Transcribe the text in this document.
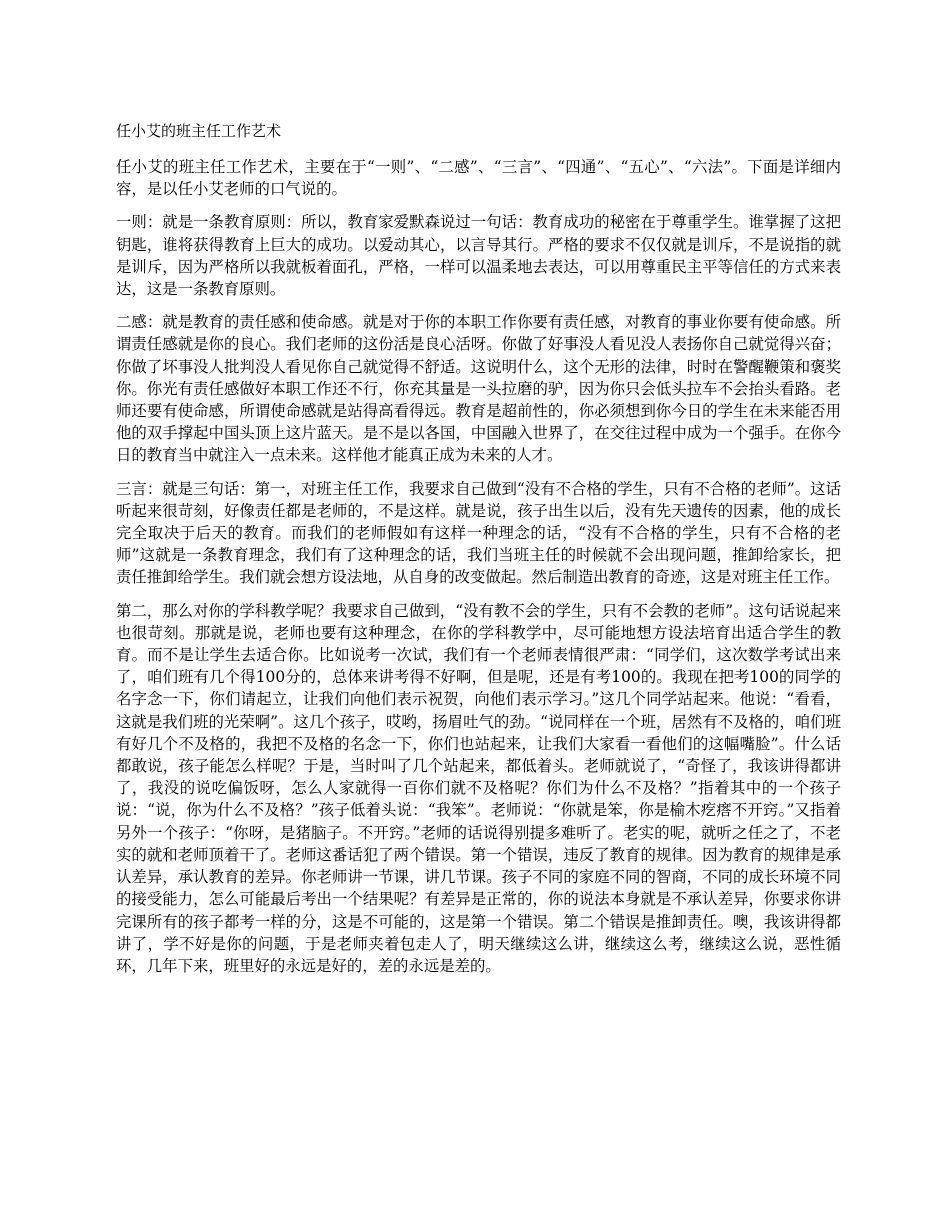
任小艾的班主任工作艺术

任小艾的班主任工作艺术，主要在于“一则”、“二感”、“三言”、“四通”、“五心”、“六法”。下面是详细内容，是以任小艾老师的口气说的。

一则：就是一条教育原则：所以，教育家爱默森说过一句话：教育成功的秘密在于尊重学生。谁掌握了这把钥匙，谁将获得教育上巨大的成功。以爱动其心，以言导其行。严格的要求不仅仅就是训斥，不是说指的就是训斥，因为严格所以我就板着面孔，严格，一样可以温柔地去表达，可以用尊重民主平等信任的方式来表达，这是一条教育原则。

二感：就是教育的责任感和使命感。就是对于你的本职工作你要有责任感，对教育的事业你要有使命感。所谓责任感就是你的良心。我们老师的这份活是良心活呀。你做了好事没人看见没人表扬你自己就觉得兴奋；你做了坏事没人批判没人看见你自己就觉得不舒适。这说明什么，这个无形的法律，时时在警醒鞭策和褒奖你。你光有责任感做好本职工作还不行，你充其量是一头拉磨的驴，因为你只会低头拉车不会抬头看路。老师还要有使命感，所谓使命感就是站得高看得远。教育是超前性的，你必须想到你今日的学生在未来能否用他的双手撑起中国头顶上这片蓝天。是不是以各国，中国融入世界了，在交往过程中成为一个强手。在你今日的教育当中就注入一点未来。这样他才能真正成为未来的人才。

三言：就是三句话：第一，对班主任工作，我要求自己做到“没有不合格的学生，只有不合格的老师”。这话听起来很苛刻，好像责任都是老师的，不是这样。就是说，孩子出生以后，没有先天遗传的因素，他的成长完全取决于后天的教育。而我们的老师假如有这样一种理念的话，“没有不合格的学生，只有不合格的老师”这就是一条教育理念，我们有了这种理念的话，我们当班主任的时候就不会出现问题，推卸给家长，把责任推卸给学生。我们就会想方设法地，从自身的改变做起。然后制造出教育的奇迹，这是对班主任工作。

第二，那么对你的学科教学呢？我要求自己做到，“没有教不会的学生，只有不会教的老师”。这句话说起来也很苛刻。那就是说，老师也要有这种理念，在你的学科教学中，尽可能地想方设法培育出适合学生的教育。而不是让学生去适合你。比如说考一次试，我们有一个老师表情很严肃：“同学们，这次数学考试出来了，咱们班有几个得100分的，总体来讲考得不好啊，但是呢，还是有考100的。我现在把考100的同学的名字念一下，你们请起立，让我们向他们表示祝贺，向他们表示学习。”这几个同学站起来。他说：“看看，这就是我们班的光荣啊”。这几个孩子，哎哟，扬眉吐气的劲。“说同样在一个班，居然有不及格的，咱们班有好几个不及格的，我把不及格的名念一下，你们也站起来，让我们大家看一看他们的这幅嘴脸”。什么话都敢说，孩子能怎么样呢？于是，当时叫了几个站起来，都低着头。老师就说了，“奇怪了，我该讲得都讲了，我没的说吃偏饭呀，怎么人家就得一百你们就不及格呢？你们为什么不及格？”指着其中的一个孩子说：“说，你为什么不及格？”孩子低着头说：“我笨”。老师说：“你就是笨，你是榆木疙瘩不开窍。”又指着另外一个孩子：“你呀，是猪脑子。不开窍。”老师的话说得别提多难听了。老实的呢，就听之任之了，不老实的就和老师顶着干了。老师这番话犯了两个错误。第一个错误，违反了教育的规律。因为教育的规律是承认差异，承认教育的差异。你老师讲一节课，讲几节课。孩子不同的家庭不同的智商，不同的成长环境不同的接受能力，怎么可能最后考出一个结果呢？有差异是正常的，你的说法本身就是不承认差异，你要求你讲完课所有的孩子都考一样的分，这是不可能的，这是第一个错误。第二个错误是推卸责任。噢，我该讲得都讲了，学不好是你的问题，于是老师夹着包走人了，明天继续这么讲，继续这么考，继续这么说，恶性循环，几年下来，班里好的永远是好的，差的永远是差的。
